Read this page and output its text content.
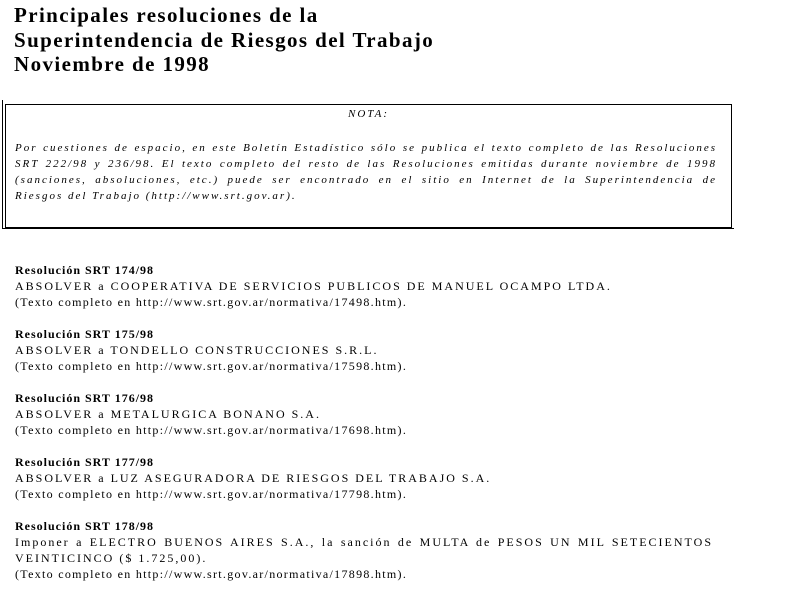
Principales resoluciones de la
Superintendencia de Riesgos del Trabajo
Noviembre de 1998
NOTA:
Por cuestiones de espacio, en este Boletín Estadístico sólo se publica el texto completo de las Resoluciones SRT 222/98 y 236/98. El texto completo del resto de las Resoluciones emitidas durante noviembre de 1998 (sanciones, absoluciones, etc.) puede ser encontrado en el sitio en Internet de la Superintendencia de Riesgos del Trabajo (http://www.srt.gov.ar).
Resolución SRT 174/98
ABSOLVER a COOPERATIVA DE SERVICIOS PUBLICOS DE MANUEL OCAMPO LTDA.
(Texto completo en http://www.srt.gov.ar/normativa/17498.htm).
Resolución SRT 175/98
ABSOLVER a TONDELLO CONSTRUCCIONES S.R.L.
(Texto completo en http://www.srt.gov.ar/normativa/17598.htm).
Resolución SRT 176/98
ABSOLVER a METALURGICA BONANO S.A.
(Texto completo en http://www.srt.gov.ar/normativa/17698.htm).
Resolución SRT 177/98
ABSOLVER a LUZ ASEGURADORA DE RIESGOS DEL TRABAJO S.A.
(Texto completo en http://www.srt.gov.ar/normativa/17798.htm).
Resolución SRT 178/98
Imponer a ELECTRO BUENOS AIRES S.A., la sanción de MULTA de PESOS UN MIL SETECIENTOS VEINTICINCO ($ 1.725,00).
(Texto completo en http://www.srt.gov.ar/normativa/17898.htm).
